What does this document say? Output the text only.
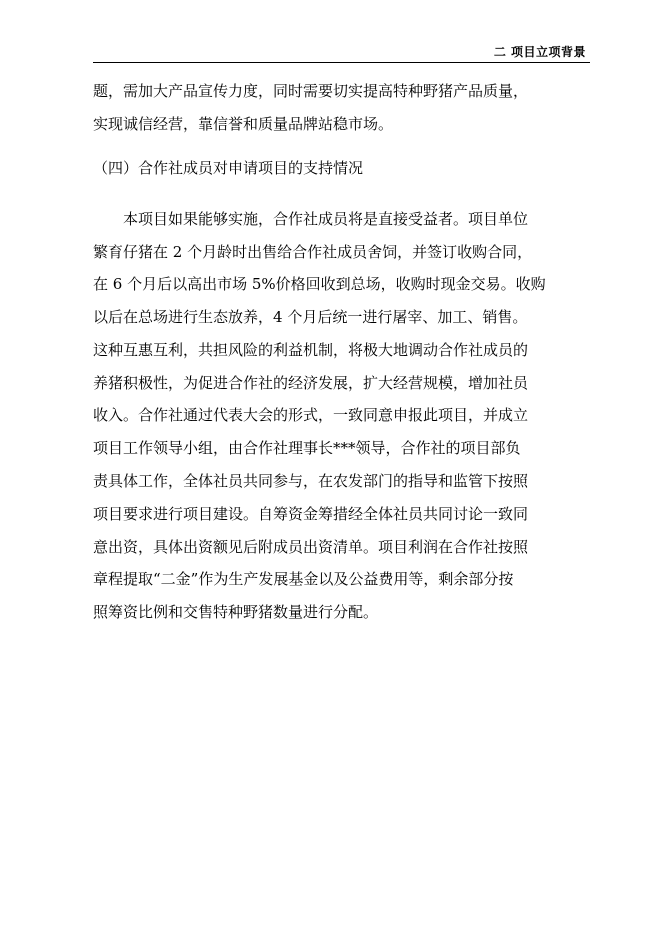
二 项目立项背景
题，需加大产品宣传力度，同时需要切实提高特种野猪产品质量，
实现诚信经营，靠信誉和质量品牌站稳市场。
（四）合作社成员对申请项目的支持情况
本项目如果能够实施，合作社成员将是直接受益者。项目单位
繁育仔猪在 2 个月龄时出售给合作社成员舍饲，并签订收购合同，
在 6 个月后以高出市场 5%价格回收到总场，收购时现金交易。收购
以后在总场进行生态放养，4 个月后统一进行屠宰、加工、销售。
这种互惠互利，共担风险的利益机制，将极大地调动合作社成员的
养猪积极性，为促进合作社的经济发展，扩大经营规模，增加社员
收入。合作社通过代表大会的形式，一致同意申报此项目，并成立
项目工作领导小组，由合作社理事长***领导，合作社的项目部负
责具体工作，全体社员共同参与，在农发部门的指导和监管下按照
项目要求进行项目建设。自筹资金筹措经全体社员共同讨论一致同
意出资，具体出资额见后附成员出资清单。项目利润在合作社按照
章程提取“二金”作为生产发展基金以及公益费用等，剩余部分按
照筹资比例和交售特种野猪数量进行分配。
